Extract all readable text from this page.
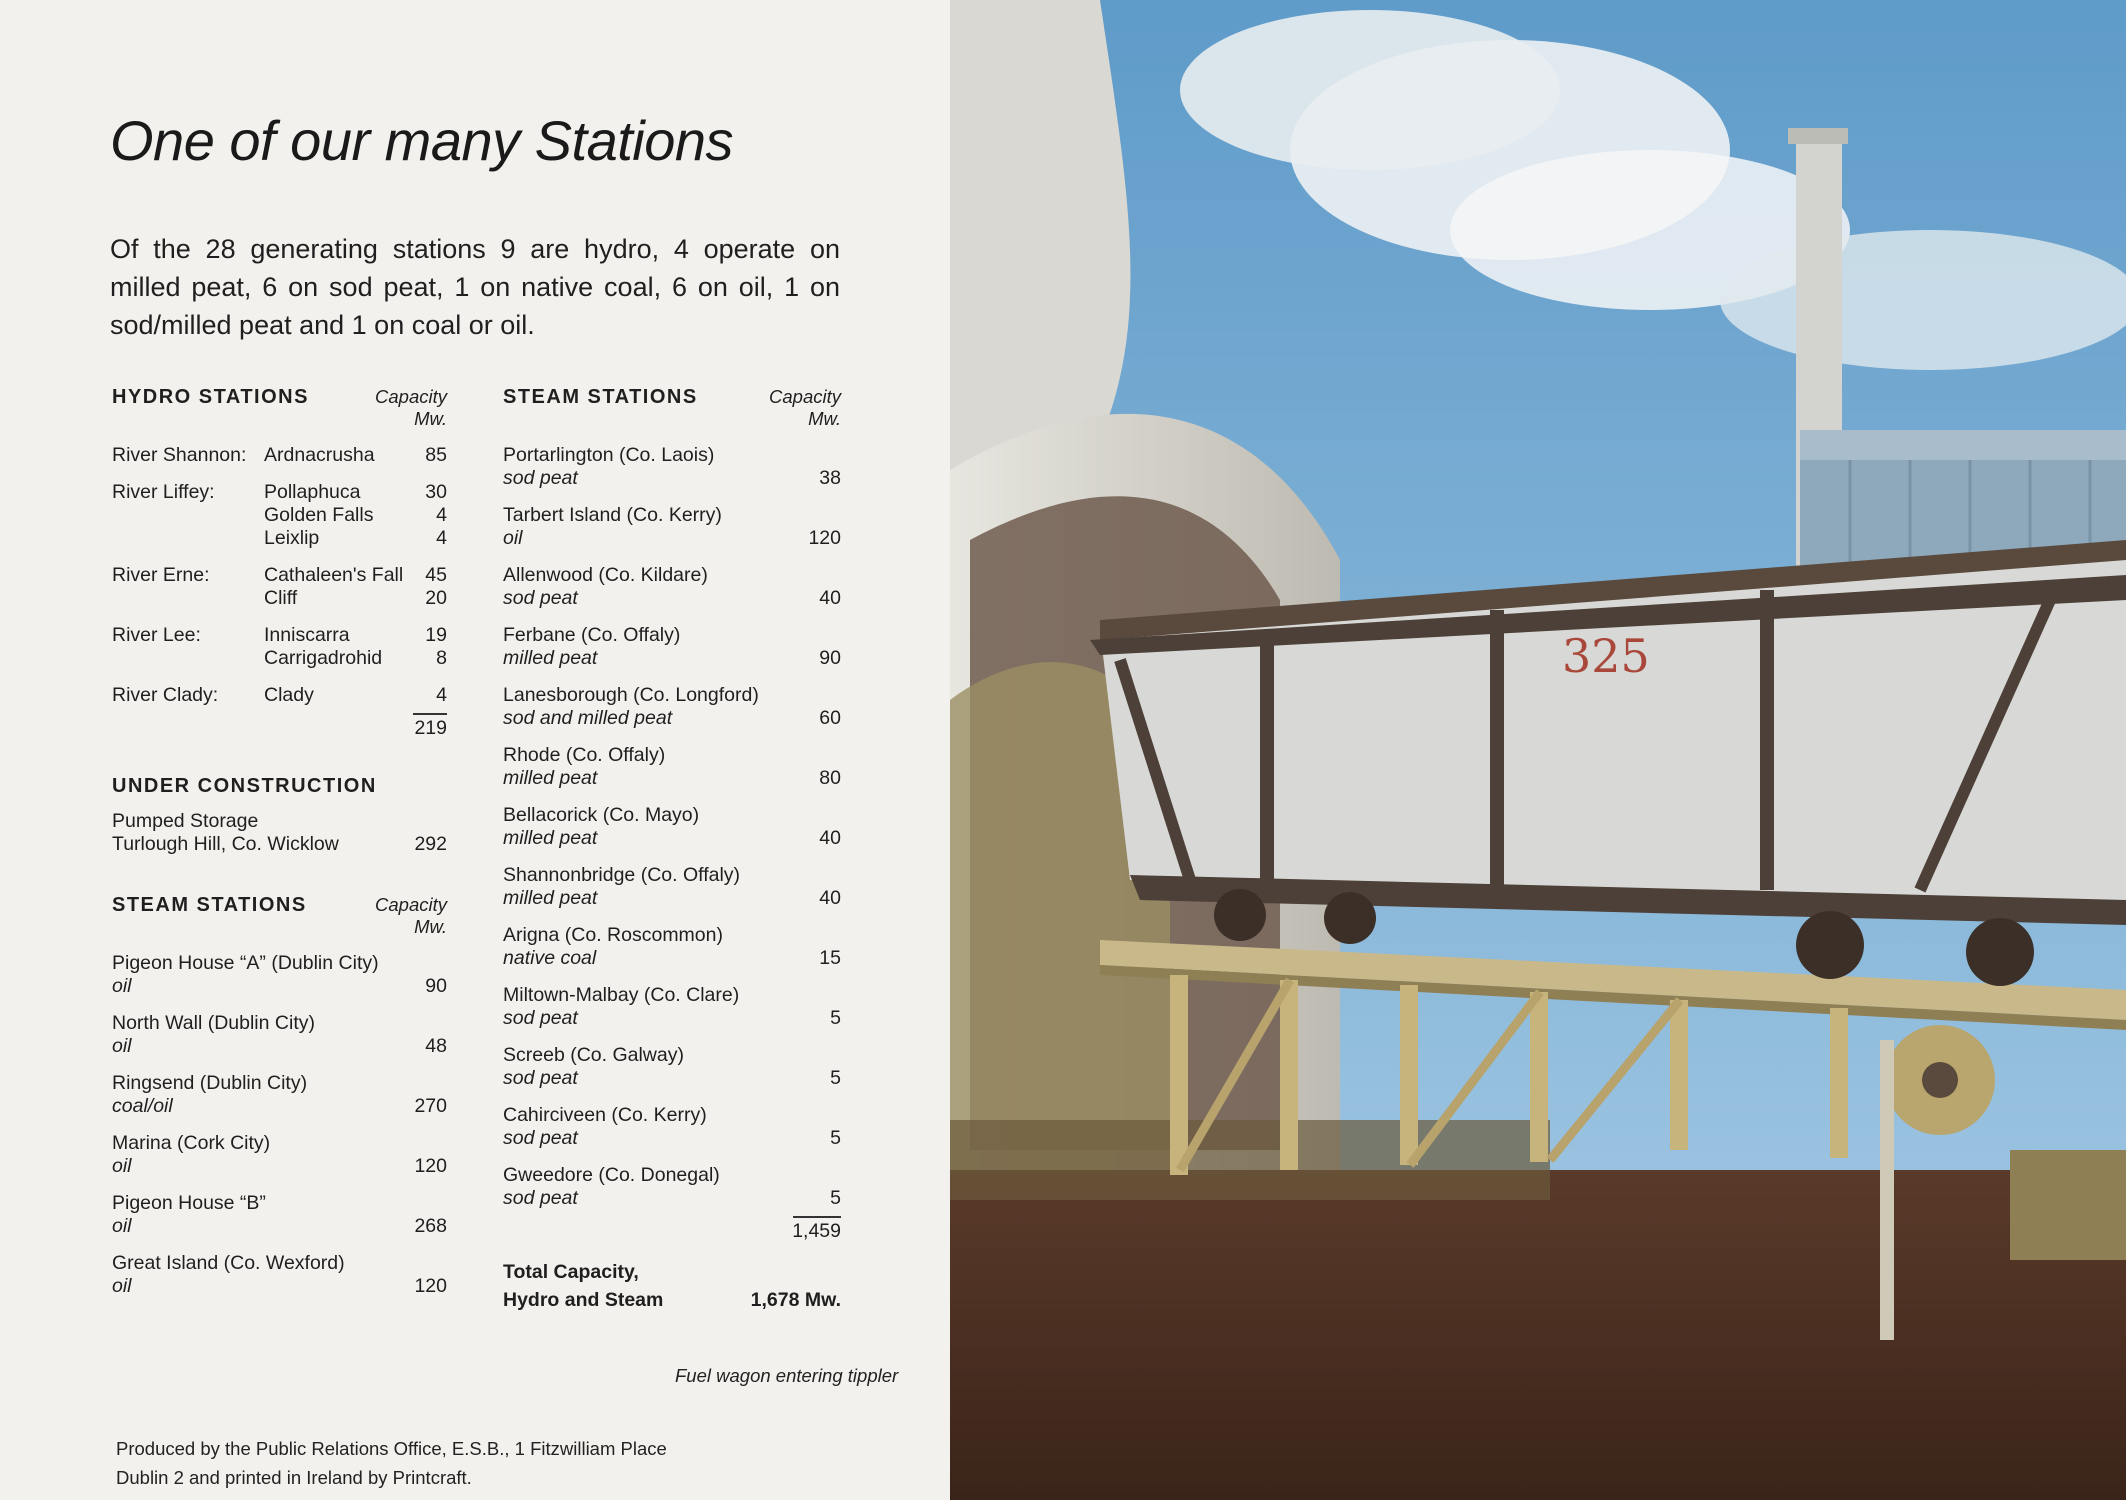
One of our many Stations

Of the 28 generating stations 9 are hydro, 4 operate on milled peat, 6 on sod peat, 1 on native coal, 6 on oil, 1 on sod/milled peat and 1 on coal or oil.

HYDRO STATIONS	Capacity
Mw.
River Shannon: Ardnacrusha	85
River Liffey:	Pollaphuca	30
Golden Falls	4
Leixlip	4
River Erne:	Cathaleen's Fall	45
Cliff	20
River Lee:	Inniscarra	19
Carrigadrohid	8
River Clady:	Clady	4
219
UNDER CONSTRUCTION
Pumped Storage
Turlough Hill, Co. Wicklow	292
STEAM STATIONS	Capacity
Mw.
Pigeon House “A” (Dublin City)
oil	90
North Wall (Dublin City)
oil	48
Ringsend (Dublin City)
coal/oil	270
Marina (Cork City)
oil	120
Pigeon House “B”
oil	268
Great Island (Co. Wexford)
oil	120
STEAM STATIONS	Capacity
Mw.
Portarlington (Co. Laois)
sod peat	38
Tarbert Island (Co. Kerry)
oil	120
Allenwood (Co. Kildare)
sod peat	40
Ferbane (Co. Offaly)
milled peat	90
Lanesborough (Co. Longford)
sod and milled peat	60
Rhode (Co. Offaly)
milled peat	80
Bellacorick (Co. Mayo)
milled peat	40
Shannonbridge (Co. Offaly)
milled peat	40
Arigna (Co. Roscommon)
native coal	15
Miltown-Malbay (Co. Clare)
sod peat	5
Screeb (Co. Galway)
sod peat	5
Cahirciveen (Co. Kerry)
sod peat	5
Gweedore (Co. Donegal)
sod peat	5
1,459
Total Capacity,
Hydro and Steam	1,678 Mw.
Fuel wagon entering tippler
Produced by the Public Relations Office, E.S.B., 1 Fitzwilliam Place
Dublin 2 and printed in Ireland by Printcraft.
325
